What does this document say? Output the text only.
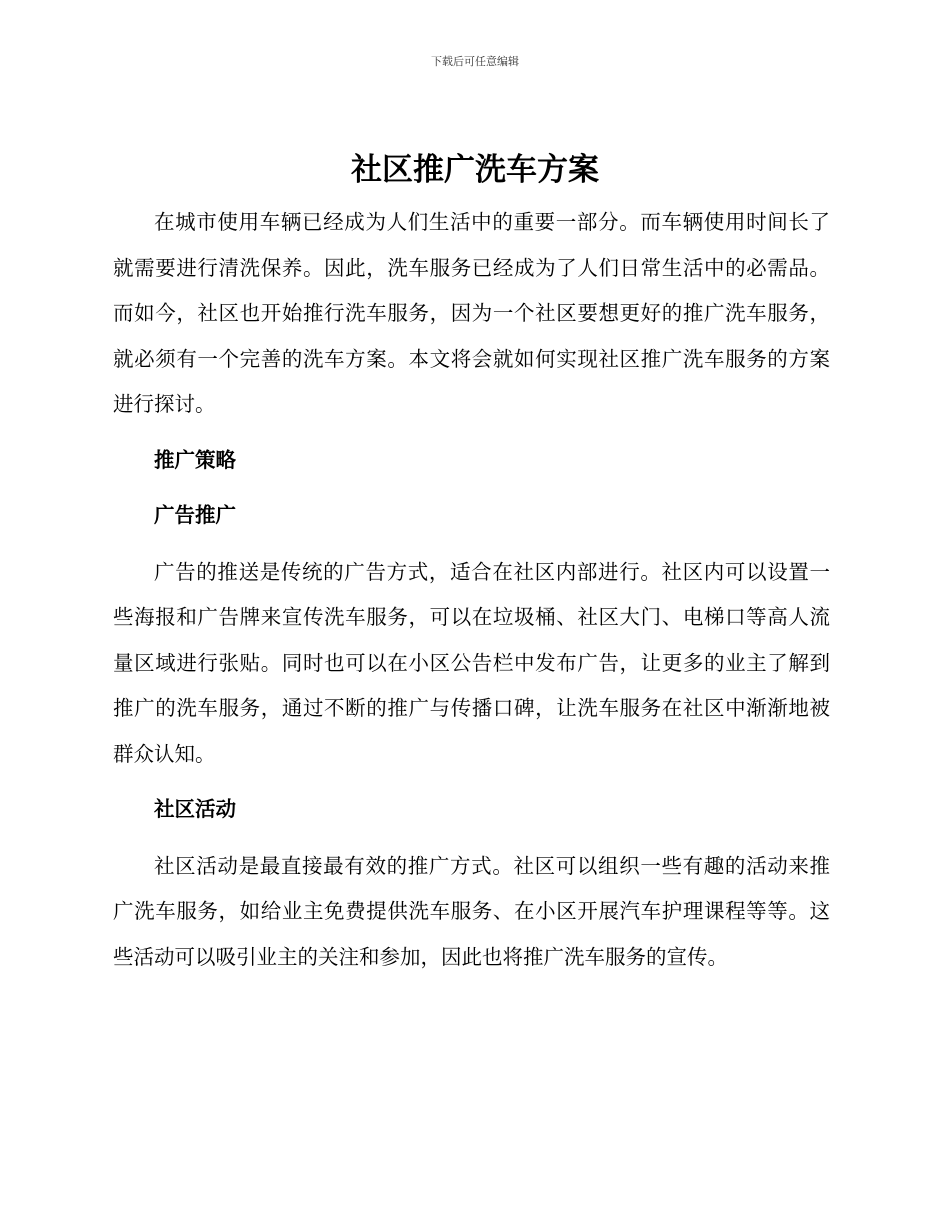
下载后可任意编辑
社区推广洗车方案

在城市使用车辆已经成为人们生活中的重要一部分。而车辆使用时间长了就需要进行清洗保养。因此，洗车服务已经成为了人们日常生活中的必需品。而如今，社区也开始推行洗车服务，因为一个社区要想更好的推广洗车服务，就必须有一个完善的洗车方案。本文将会就如何实现社区推广洗车服务的方案进行探讨。

推广策略

广告推广

广告的推送是传统的广告方式，适合在社区内部进行。社区内可以设置一些海报和广告牌来宣传洗车服务，可以在垃圾桶、社区大门、电梯口等高人流量区域进行张贴。同时也可以在小区公告栏中发布广告，让更多的业主了解到推广的洗车服务，通过不断的推广与传播口碑，让洗车服务在社区中渐渐地被群众认知。

社区活动

社区活动是最直接最有效的推广方式。社区可以组织一些有趣的活动来推广洗车服务，如给业主免费提供洗车服务、在小区开展汽车护理课程等等。这些活动可以吸引业主的关注和参加，因此也将推广洗车服务的宣传。
